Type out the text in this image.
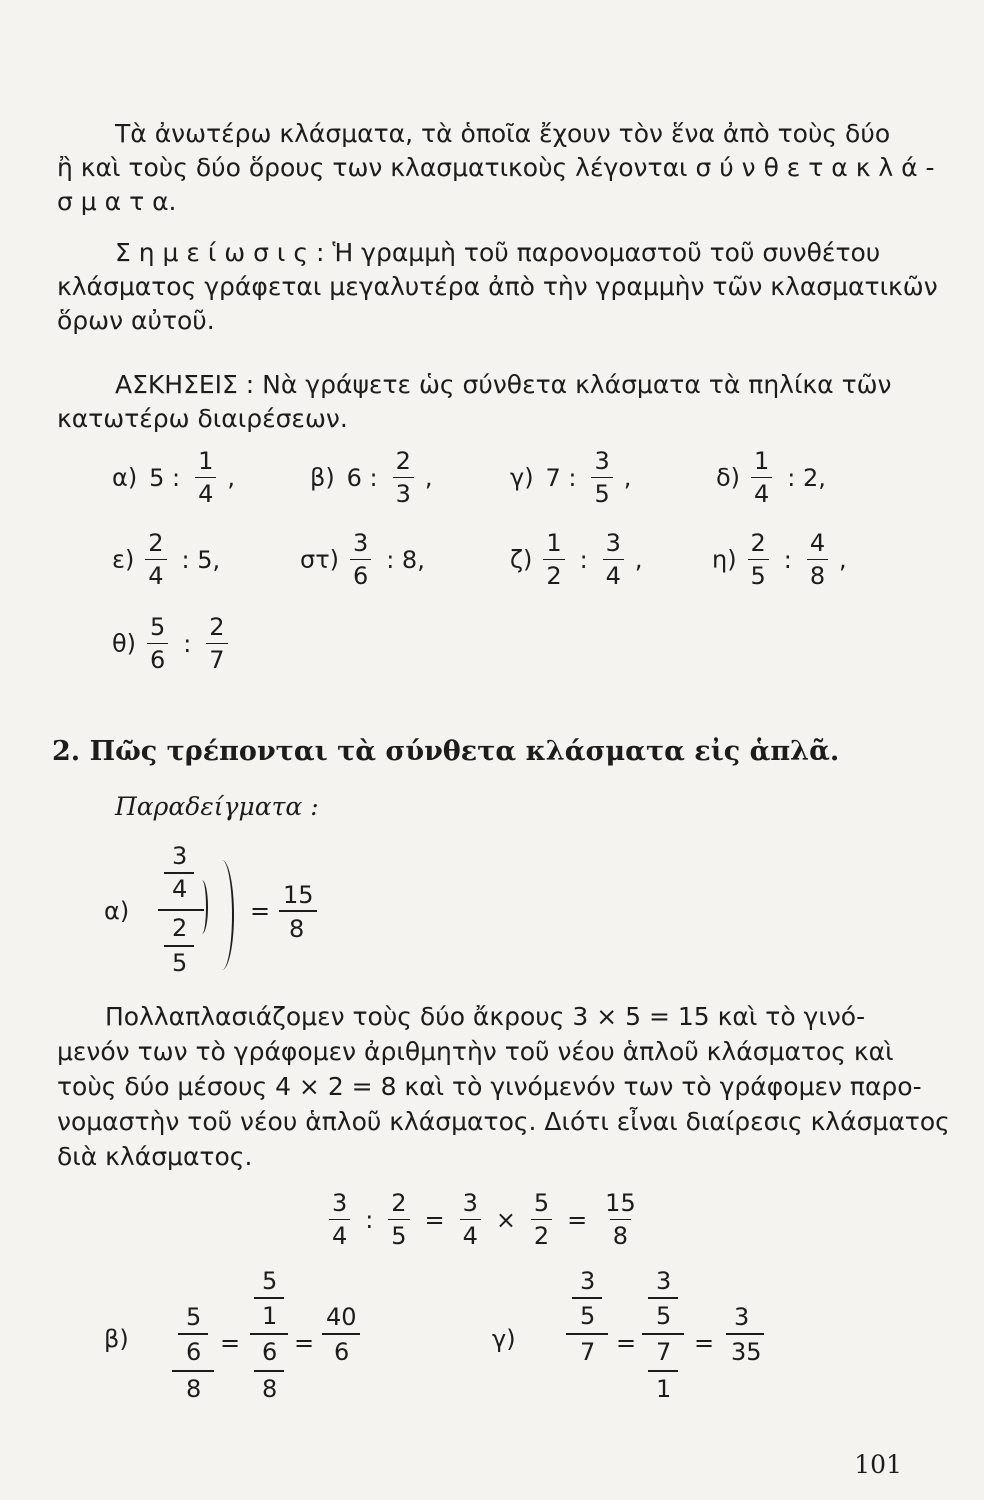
Τὰ ἀνωτέρω κλάσματα, τὰ ὁποῖα ἔχουν τὸν ἕνα ἀπὸ τοὺς δύο
ἢ καὶ τοὺς δύο ὅρους των κλασματικοὺς λέγονται σ ύ ν θ ε τ α κ λ ά -
σ μ α τ α.
Σ η μ ε ί ω σ ι ς : Ἡ γραμμὴ τοῦ παρονομαστοῦ τοῦ συνθέτου
κλάσματος γράφεται μεγαλυτέρα ἀπὸ τὴν γραμμὴν τῶν κλασματικῶν
ὅρων αὐτοῦ.
ΑΣΚΗΣΕΙΣ : Νὰ γράψετε ὡς σύνθετα κλάσματα τὰ πηλίκα τῶν
κατωτέρω διαιρέσεων.
α) 5 : $\frac{1}{4}$ ,	β) 6 : $\frac{2}{3}$ ,	γ) 7 : $\frac{3}{5}$ ,	$\delta) \frac{1}{4}$ : 2,
$\varepsilon) \frac{2}{4}$ : 5,	$\sigma\tau) \frac{3}{6}$ : 8,	$\zeta) \frac{1}{2}$ : $\frac{3}{4}$ ,	$\eta) \frac{2}{5}$ : $\frac{4}{8}$ ,
$\theta) \frac{5}{6}$ : $\frac{2}{7}$
2. Πῶς τρέπονται τὰ σύνθετα κλάσματα εἰς ἁπλᾶ.
Παραδείγματα :
α)
3
4
2
5
=
15
8
Πολλαπλασιάζομεν τοὺς δύο ἄκρους 3 × 5 = 15 καὶ τὸ γινό-
μενόν των τὸ γράφομεν ἀριθμητὴν τοῦ νέου ἁπλοῦ κλάσματος καὶ
τοὺς δύο μέσους 4 × 2 = 8 καὶ τὸ γινόμενόν των τὸ γράφομεν παρο-
νομαστὴν τοῦ νέου ἁπλοῦ κλάσματος. Διότι εἶναι διαίρεσις κλάσματος
διὰ κλάσματος.
$\frac{3}{4}$ : $\frac{2}{5} = \frac{3}{4} \times \frac{5}{2} = \frac{15}{8}$
β)
5
6
8
=
5
1
6
8
=
40
6	γ)
3
5
7 =
3
5
7
1
=
3
35
101
